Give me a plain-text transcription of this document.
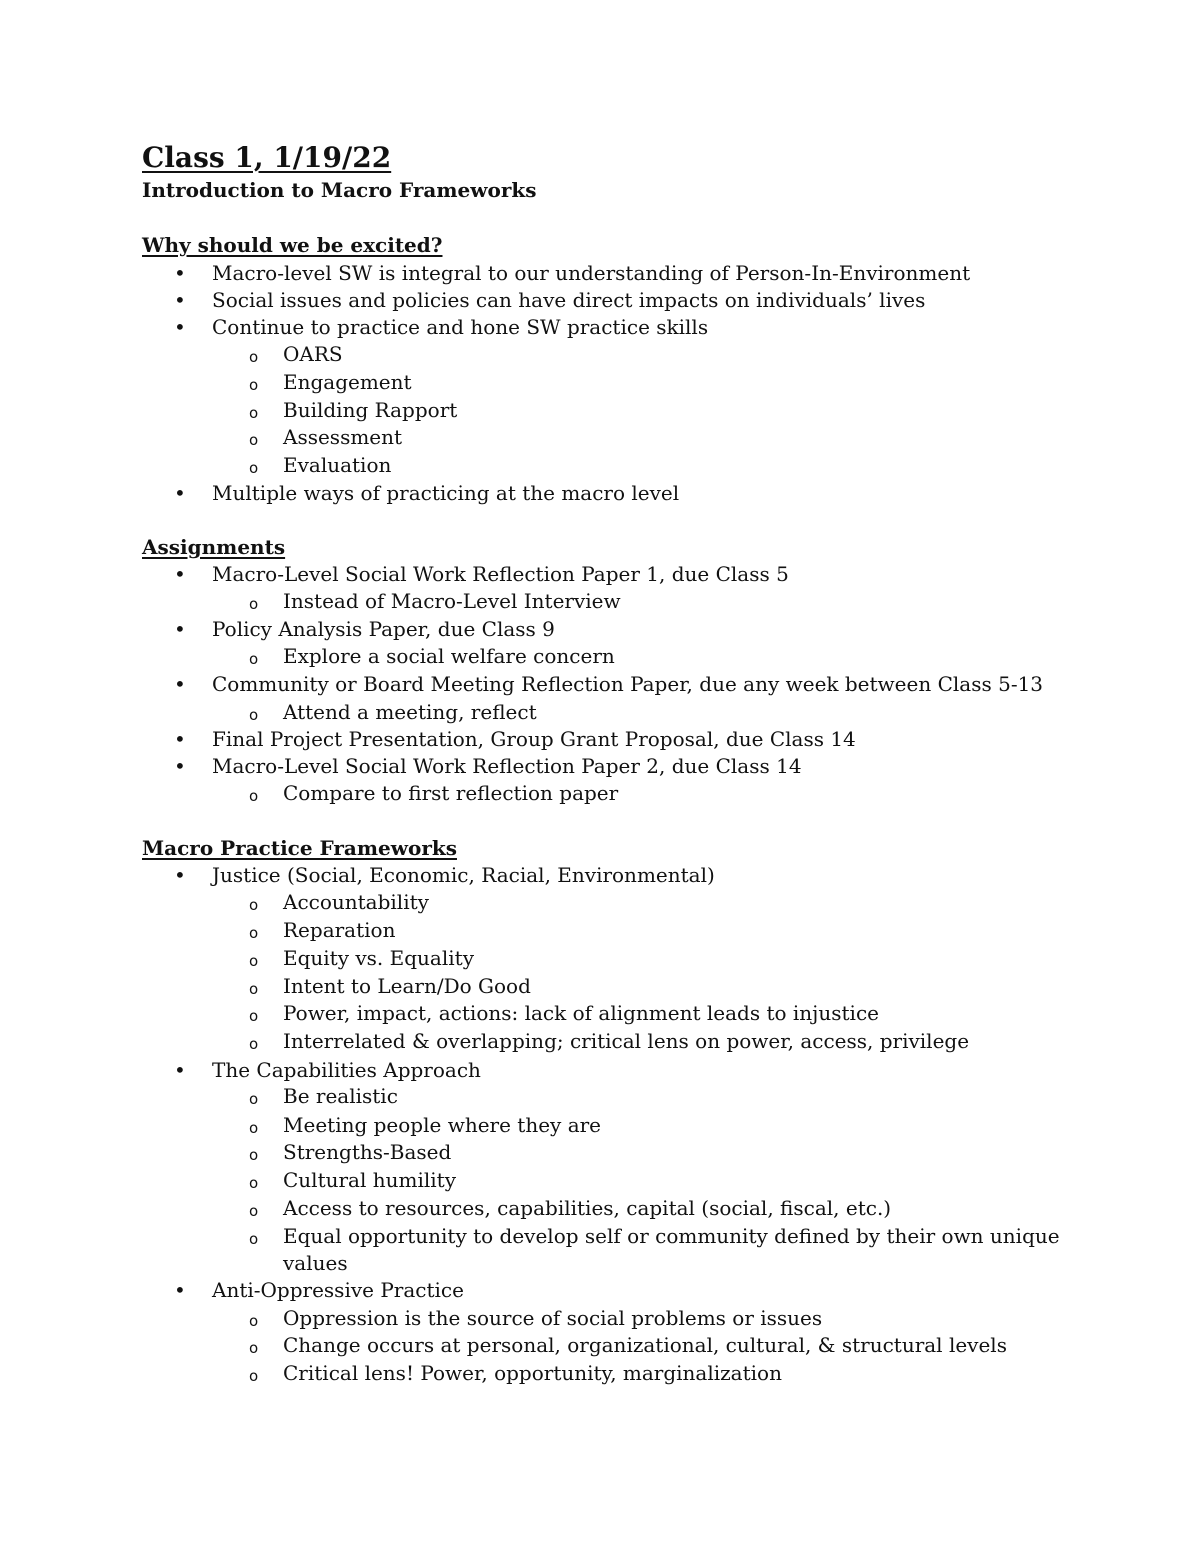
Class 1, 1/19/22
Introduction to Macro Frameworks
Why should we be excited?
• Macro-level SW is integral to our understanding of Person-In-Environment
• Social issues and policies can have direct impacts on individuals’ lives
• Continue to practice and hone SW practice skills
o OARS
o Engagement
o Building Rapport
o Assessment
o Evaluation
• Multiple ways of practicing at the macro level
Assignments
• Macro-Level Social Work Reflection Paper 1, due Class 5
o Instead of Macro-Level Interview
• Policy Analysis Paper, due Class 9
o Explore a social welfare concern
• Community or Board Meeting Reflection Paper, due any week between Class 5-13
o Attend a meeting, reflect
• Final Project Presentation, Group Grant Proposal, due Class 14
• Macro-Level Social Work Reflection Paper 2, due Class 14
o Compare to first reflection paper
Macro Practice Frameworks
• Justice (Social, Economic, Racial, Environmental)
o Accountability
o Reparation
o Equity vs. Equality
o Intent to Learn/Do Good
o Power, impact, actions: lack of alignment leads to injustice
o Interrelated & overlapping; critical lens on power, access, privilege
• The Capabilities Approach
o Be realistic
o Meeting people where they are
o Strengths-Based
o Cultural humility
o Access to resources, capabilities, capital (social, fiscal, etc.)
o Equal opportunity to develop self or community defined by their own unique
values
• Anti-Oppressive Practice
o Oppression is the source of social problems or issues
o Change occurs at personal, organizational, cultural, & structural levels
o Critical lens! Power, opportunity, marginalization
